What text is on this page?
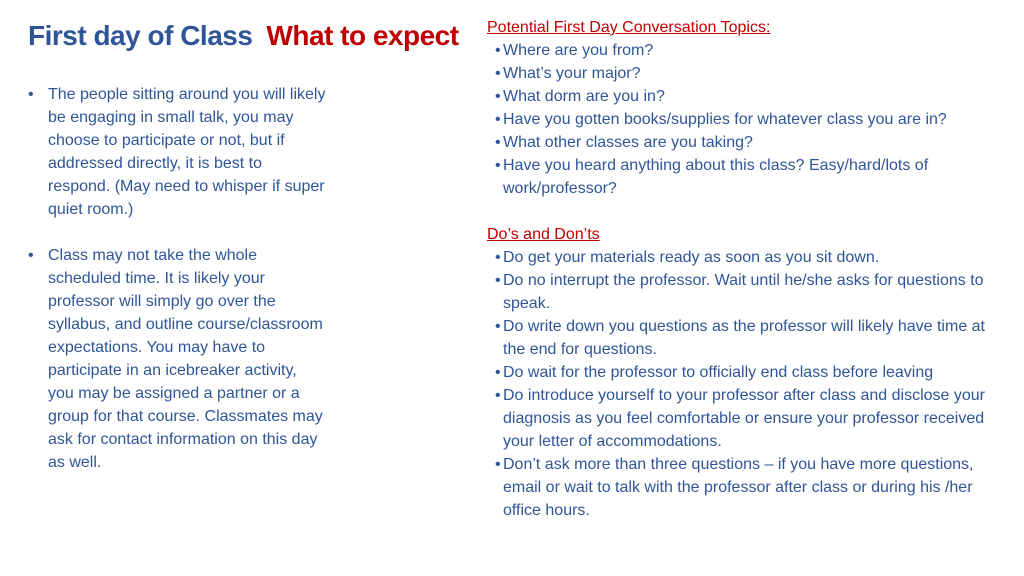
First day of Class What to expect
• The people sitting around you will likely be engaging in small talk, you may choose to participate or not, but if addressed directly, it is best to respond. (May need to whisper if super quiet room.)
• Class may not take the whole scheduled time. It is likely your professor will simply go over the syllabus, and outline course/classroom expectations. You may have to participate in an icebreaker activity, you may be assigned a partner or a group for that course. Classmates may ask for contact information on this day as well.
Potential First Day Conversation Topics:
• Where are you from?
• What’s your major?
• What dorm are you in?
• Have you gotten books/supplies for whatever class you are in?
• What other classes are you taking?
• Have you heard anything about this class? Easy/hard/lots of work/professor?
Do’s and Don’ts
• Do get your materials ready as soon as you sit down.
• Do no interrupt the professor. Wait until he/she asks for questions to speak.
• Do write down you questions as the professor will likely have time at the end for questions.
• Do wait for the professor to officially end class before leaving
• Do introduce yourself to your professor after class and disclose your diagnosis as you feel comfortable or ensure your professor received your letter of accommodations.
• Don’t ask more than three questions – if you have more questions, email or wait to talk with the professor after class or during his /her office hours.
